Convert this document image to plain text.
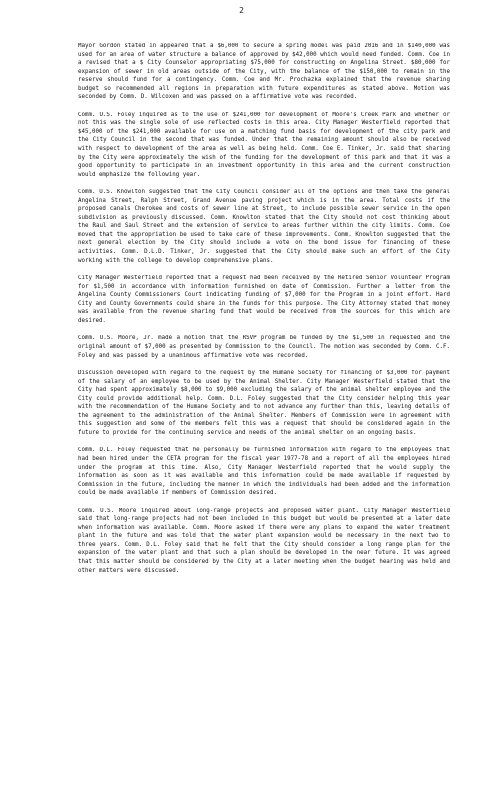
2

Mayor Gordon stated in appeared that a $6,000 to secure a spring model was paid 2016 and in $140,000 was used for an area of water structure a balance of approved by $42,000 which would need funded. Comm. Coe in a revised that a $ City Counselor appropriating $75,000 for constructing on Angelina Street. $80,000 for expansion of sewer in old areas outside of the City, with the balance of the $150,000 to remain in the reserve should fund for a contingency. Comm. Coe and Mr. Prochazka explained that the revenue sharing budget so recommended all regions in preparation with future expenditures as stated above. Motion was seconded by Comm. D. Wilcoxen and was passed on a affirmative vote was recorded.

Comm. U.S. Foley inquired as to the use of $241,000 for development of Moore's Creek Park and whether or not this was the single sole of use reflected costs in this area. City Manager Westerfield reported that $45,000 of the $241,000 available for use on a matching fund basis for development of the city park and the City Council in the second that was funded. Under that the remaining amount should also be received with respect to development of the area as well as being held. Comm. Coe E. Tinker, Jr. said that sharing by the City were approximately the wish of the funding for the development of this park and that it was a good opportunity to participate in an investment opportunity in this area and the current construction would emphasize the following year.

Comm. U.S. Knowlton suggested that the City Council consider all of the options and then take the general Angelina Street, Ralph Street, Grand Avenue paving project which is in the area. Total costs if the proposed canals Cherokee and costs of sewer line at Street, to include possible sewer service in the open subdivision as previously discussed. Comm. Knowlton stated that the City should not cost thinking about the Raul and Saul Street and the extension of service to areas further within the city limits. Comm. Coe moved that the appropriation be used to take care of these improvements. Comm. Knowlton suggested that the next general election by the City should include a vote on the bond issue for financing of these activities. Comm. D.L.D. Tinker, Jr. suggested that the City should make such an effort of the City working with the college to develop comprehensive plans.

City Manager Westerfield reported that a request had been received by the Retired Senior Volunteer Program for $1,500 in accordance with information furnished on date of Commission. Further a letter from the Angelina County Commissioners Court indicating funding of $7,000 for the Program in a joint effort. Hard City and County Governments could share in the funds for this purpose. The City Attorney stated that money was available from the revenue sharing fund that would be received from the sources for this which are desired.

Comm. U.S. Moore, Jr. made a motion that the RSVP program be funded by the $1,500 in requested and the original amount of $7,000 as presented by Commission to the Council. The motion was seconded by Comm. C.F. Foley and was passed by a unanimous affirmative vote was recorded.

Discussion developed with regard to the request by the Humane Society for financing of $3,000 for payment of the salary of an employee to be used by the Animal Shelter. City Manager Westerfield stated that the City had spent approximately $8,000 to $9,000 excluding the salary of the animal shelter employee and the City could provide additional help. Comm. D.L. Foley suggested that the City consider helping this year with the recommendation of the Humane Society and to not advance any further than this, leaving details of the agreement to the administration of the Animal Shelter. Members of Commission were in agreement with this suggestion and some of the members felt this was a request that should be considered again in the future to provide for the continuing service and needs of the animal shelter on an ongoing basis.

Comm. D.L. Foley requested that he personally be furnished information with regard to the employees that had been hired under the CETA program for the fiscal year 1977-78 and a report of all the employees hired under the program at this time. Also, City Manager Westerfield reported that he would supply the information as soon as it was available and this information could be made available if requested by Commission in the future, including the manner in which the individuals had been added and the information could be made available if members of Commission desired.

Comm. U.S. Moore inquired about long-range projects and proposed water plant. City Manager Westerfield said that long-range projects had not been included in this budget but would be presented at a later date when information was available. Comm. Moore asked if there were any plans to expand the water treatment plant in the future and was told that the water plant expansion would be necessary in the next two to three years. Comm. D.L. Foley said that he felt that the City should consider a long range plan for the expansion of the water plant and that such a plan should be developed in the near future. It was agreed that this matter should be considered by the City at a later meeting when the budget hearing was held and other matters were discussed.
